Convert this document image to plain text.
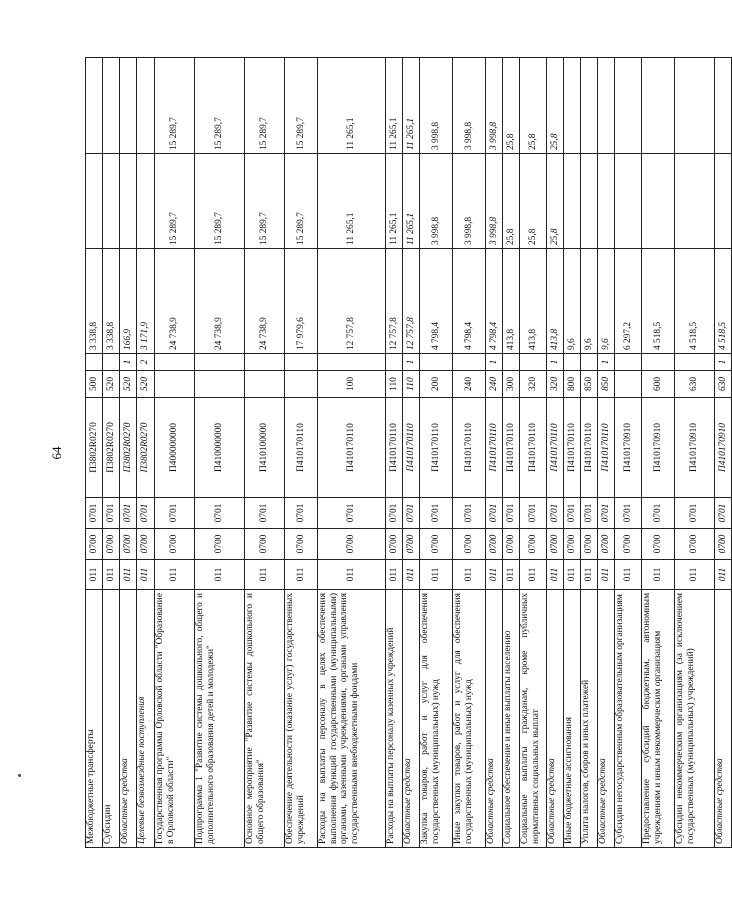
64
Межбюджетные трансферты	011	0700	0701	П3802R0270	500		3 338,8		
Субсидии	011	0700	0701	П3802R0270	520		3 338,8		
Областные средства	011	0700	0701	П3802R0270	520	1	166,9		
Целевые безвозмездные поступления	011	0700	0701	П3802R0270	520	2	3 171,9		
Государственная программа Орловской области "Образование в Орловской области"	011	0700	0701	П400000000			24 738,9	15 289,7	15 289,7
Подпрограмма 1 "Развитие системы дошкольного, общего и дополнительного образования детей и молодежи"	011	0700	0701	П410000000			24 738,9	15 289,7	15 289,7
Основное мероприятие "Развитие системы дошкольного и общего образования"	011	0700	0701	П410100000			24 738,9	15 289,7	15 289,7
Обеспечение деятельности (оказание услуг) государственных учреждений	011	0700	0701	П410170110			17 979,6	15 289,7	15 289,7
Расходы на выплаты персоналу в целях обеспечения выполнения функций государственными (муниципальными) органами, казенными учреждениями, органами управления государственными внебюджетными фондами	011	0700	0701	П410170110	100		12 757,8	11 265,1	11 265,1
Расходы на выплаты персоналу казенных учреждений	011	0700	0701	П410170110	110		12 757,8	11 265,1	11 265,1
Областные средства	011	0700	0701	П410170110	110	1	12 757,8	11 265,1	11 265,1
Закупка товаров, работ и услуг для обеспечения государственных (муниципальных) нужд	011	0700	0701	П410170110	200		4 798,4	3 998,8	3 998,8
Иные закупки товаров, работ и услуг для обеспечения государственных (муниципальных) нужд	011	0700	0701	П410170110	240		4 798,4	3 998,8	3 998,8
Областные средства	011	0700	0701	П410170110	240	1	4 798,4	3 998,8	3 998,8
Социальное обеспечение и иные выплаты населению	011	0700	0701	П410170110	300		413,8	25,8	25,8
Социальные выплаты гражданам, кроме публичных нормативных социальных выплат	011	0700	0701	П410170110	320		413,8	25,8	25,8
Областные средства	011	0700	0701	П410170110	320	1	413,8	25,8	25,8
Иные бюджетные ассигнования	011	0700	0701	П410170110	800		9,6		
Уплата налогов, сборов и иных платежей	011	0700	0701	П410170110	850		9,6		
Областные средства	011	0700	0701	П410170110	850	1	9,6		
Субсидии негосударственным образовательным организациям	011	0700	0701	П410170910			6 297,2		
Предоставление субсидий бюджетным, автономным учреждениям и иным некоммерческим организациям	011	0700	0701	П410170910	600		4 518,5		
Субсидии некоммерческим организациям (за исключением государственных (муниципальных) учреждений)	011	0700	0701	П410170910	630		4 518,5		
Областные средства	011	0700	0701	П410170910	630	1	4 518,5		
